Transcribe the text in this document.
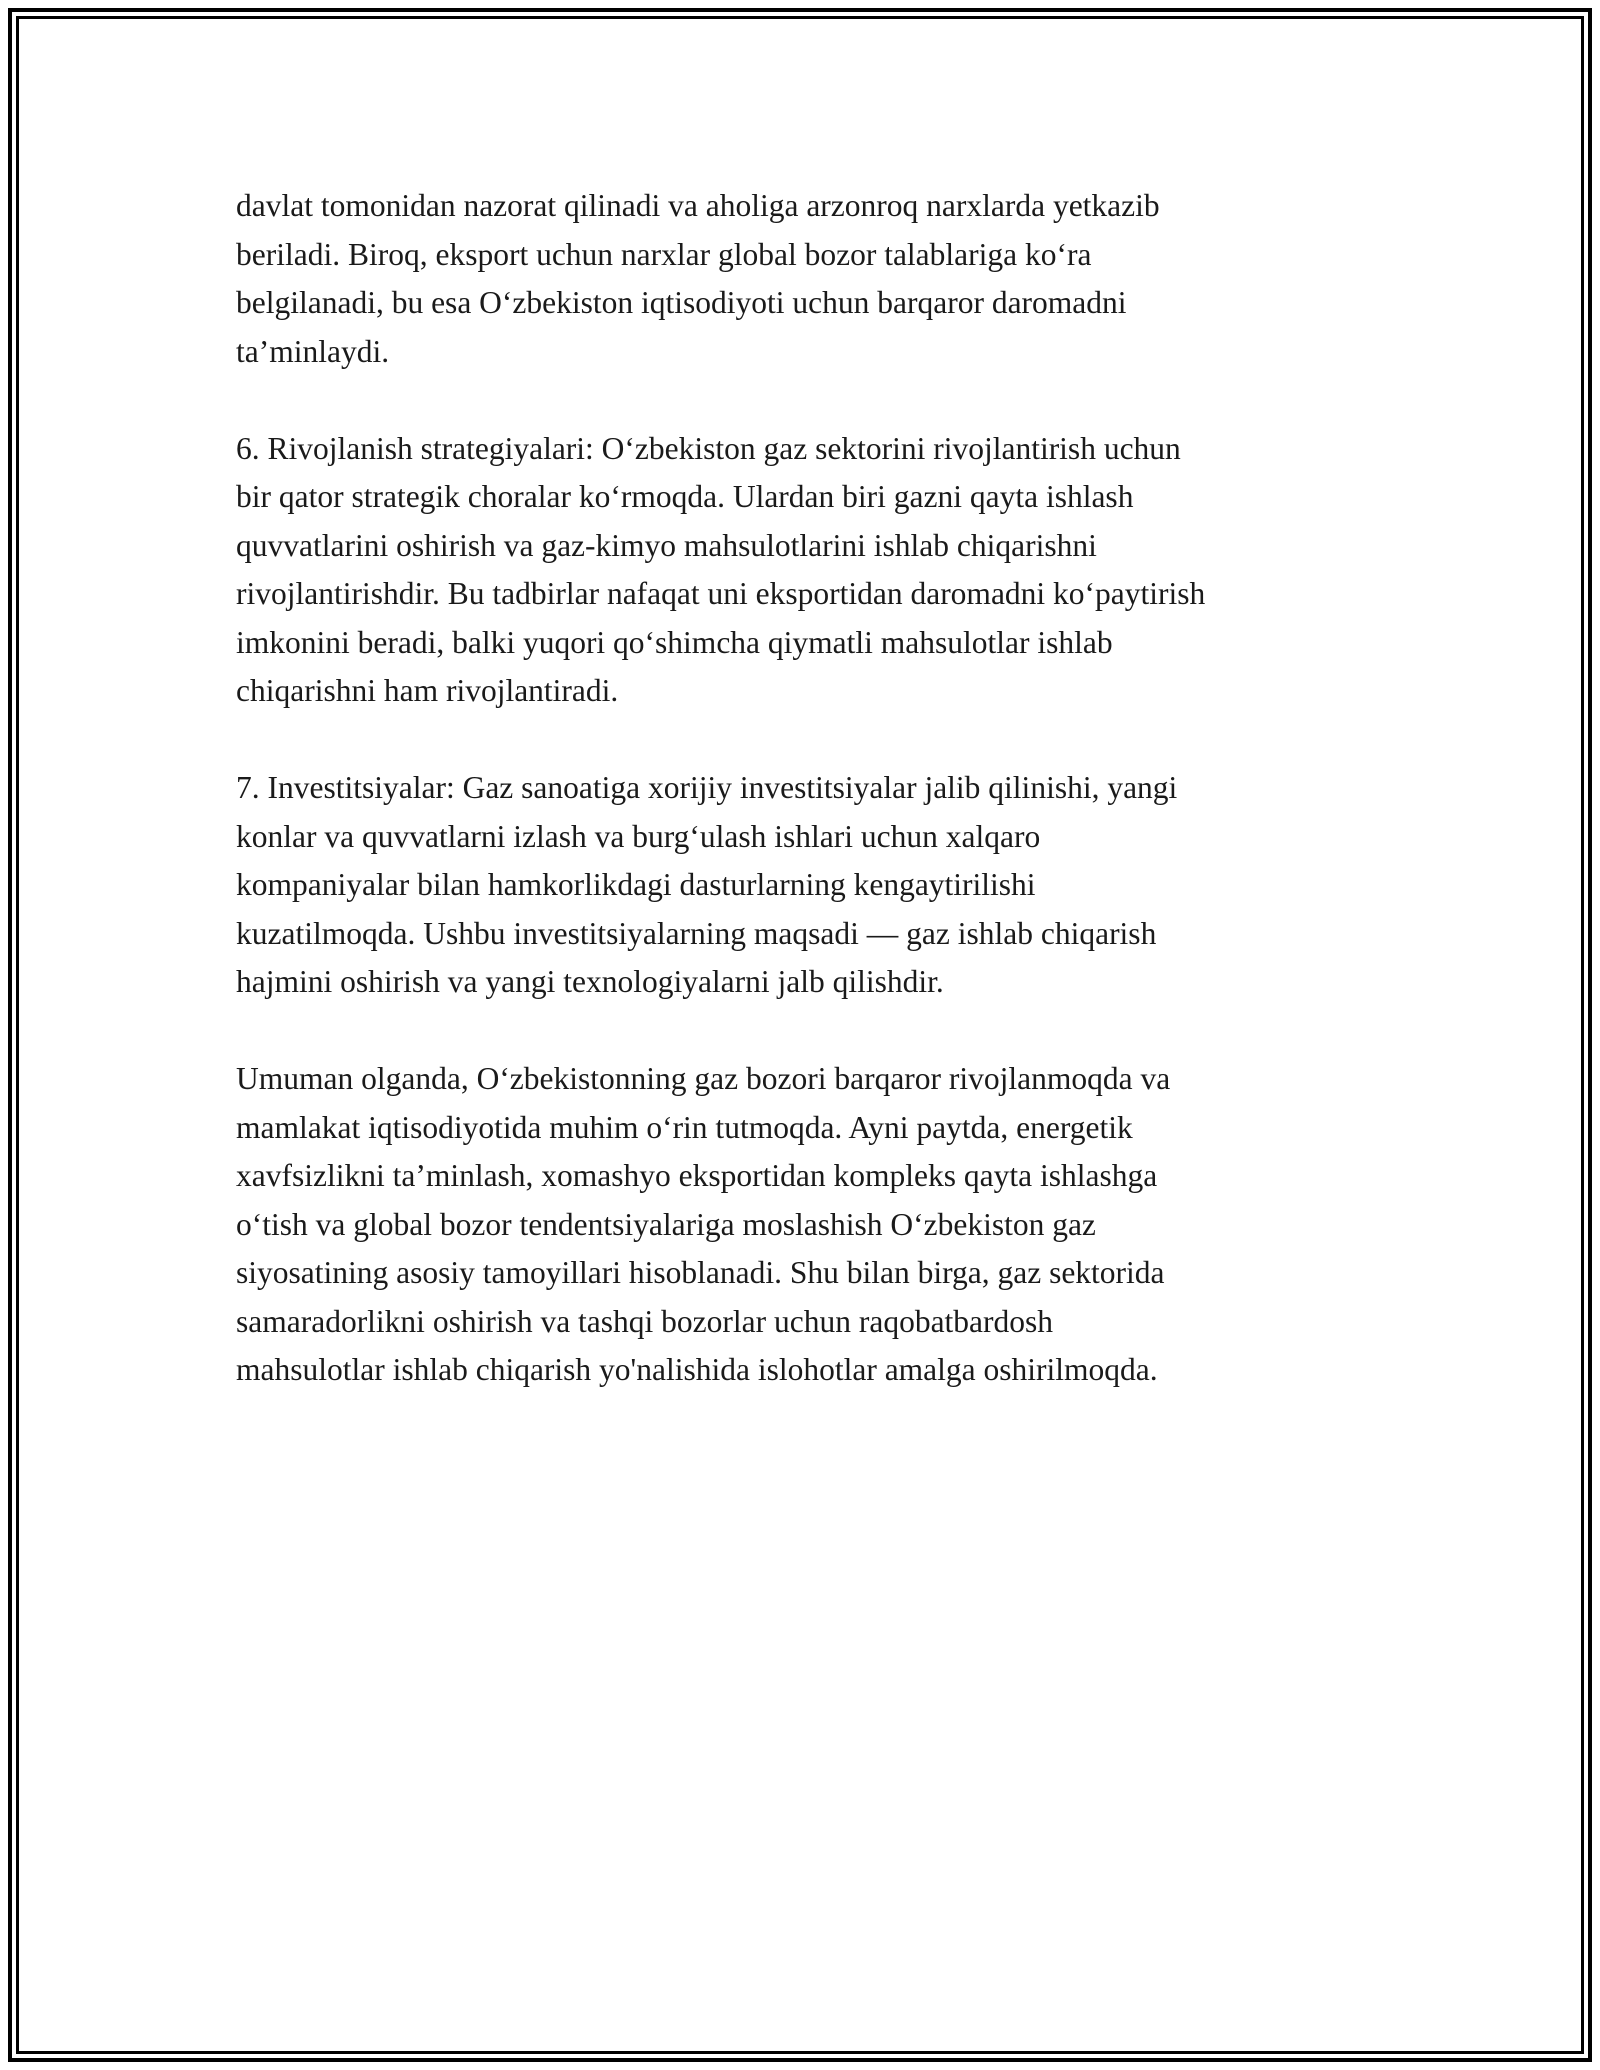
davlat tomonidan nazorat qilinadi va aholiga arzonroq narxlarda yetkazib
beriladi. Biroq, eksport uchun narxlar global bozor talablariga ko‘ra
belgilanadi, bu esa O‘zbekiston iqtisodiyoti uchun barqaror daromadni
ta’minlaydi.

6. Rivojlanish strategiyalari: O‘zbekiston gaz sektorini rivojlantirish uchun
bir qator strategik choralar ko‘rmoqda. Ulardan biri gazni qayta ishlash
quvvatlarini oshirish va gaz-kimyo mahsulotlarini ishlab chiqarishni
rivojlantirishdir. Bu tadbirlar nafaqat uni eksportidan daromadni ko‘paytirish
imkonini beradi, balki yuqori qo‘shimcha qiymatli mahsulotlar ishlab
chiqarishni ham rivojlantiradi.

7. Investitsiyalar: Gaz sanoatiga xorijiy investitsiyalar jalib qilinishi, yangi
konlar va quvvatlarni izlash va burg‘ulash ishlari uchun xalqaro
kompaniyalar bilan hamkorlikdagi dasturlarning kengaytirilishi
kuzatilmoqda. Ushbu investitsiyalarning maqsadi — gaz ishlab chiqarish
hajmini oshirish va yangi texnologiyalarni jalb qilishdir.

Umuman olganda, O‘zbekistonning gaz bozori barqaror rivojlanmoqda va
mamlakat iqtisodiyotida muhim o‘rin tutmoqda. Ayni paytda, energetik
xavfsizlikni ta’minlash, xomashyo eksportidan kompleks qayta ishlashga
o‘tish va global bozor tendentsiyalariga moslashish O‘zbekiston gaz
siyosatining asosiy tamoyillari hisoblanadi. Shu bilan birga, gaz sektorida
samaradorlikni oshirish va tashqi bozorlar uchun raqobatbardosh
mahsulotlar ishlab chiqarish yo'nalishida islohotlar amalga oshirilmoqda.
